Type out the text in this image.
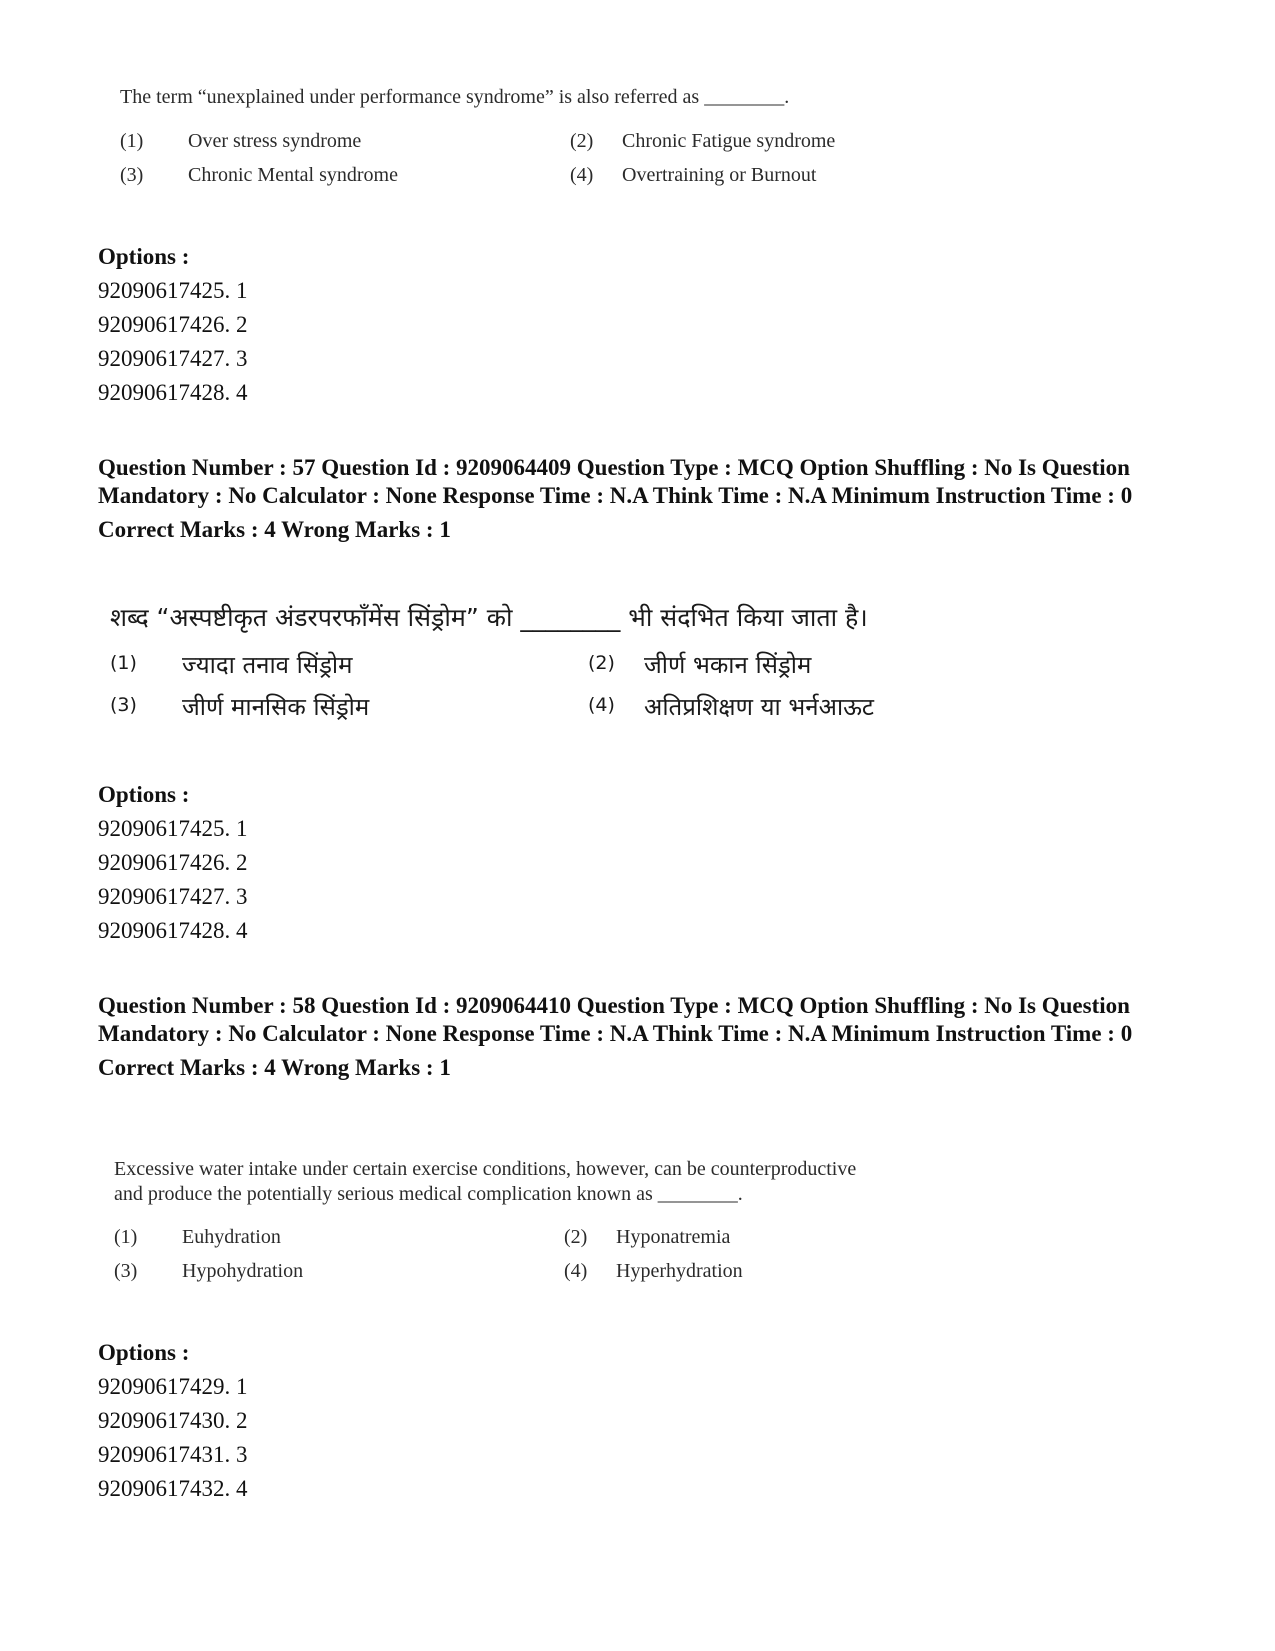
The term “unexplained under performance syndrome” is also referred as ________.
(1) Over stress syndrome	(2) Chronic Fatigue syndrome
(3) Chronic Mental syndrome	(4) Overtraining or Burnout
Options :
92090617425. 1
92090617426. 2
92090617427. 3
92090617428. 4
Question Number : 57 Question Id : 9209064409 Question Type : MCQ Option Shuffling : No Is Question Mandatory : No Calculator : None Response Time : N.A Think Time : N.A Minimum Instruction Time : 0
Correct Marks : 4 Wrong Marks : 1
शब्द “अस्पष्टीकृत अंडरपरफाँमेंस सिंड्रोम” को ________ भी संदभित किया जाता है।
(1) ज्यादा तनाव सिंड्रोम	(2) जीर्ण भकान सिंड्रोम
(3) जीर्ण मानसिक सिंड्रोम	(4) अतिप्रशिक्षण या भर्नआऊट
Options :
92090617425. 1
92090617426. 2
92090617427. 3
92090617428. 4
Question Number : 58 Question Id : 9209064410 Question Type : MCQ Option Shuffling : No Is Question Mandatory : No Calculator : None Response Time : N.A Think Time : N.A Minimum Instruction Time : 0
Correct Marks : 4 Wrong Marks : 1
Excessive water intake under certain exercise conditions, however, can be counterproductive
and produce the potentially serious medical complication known as ________.
(1) Euhydration	(2) Hyponatremia
(3) Hypohydration	(4) Hyperhydration
Options :
92090617429. 1
92090617430. 2
92090617431. 3
92090617432. 4
